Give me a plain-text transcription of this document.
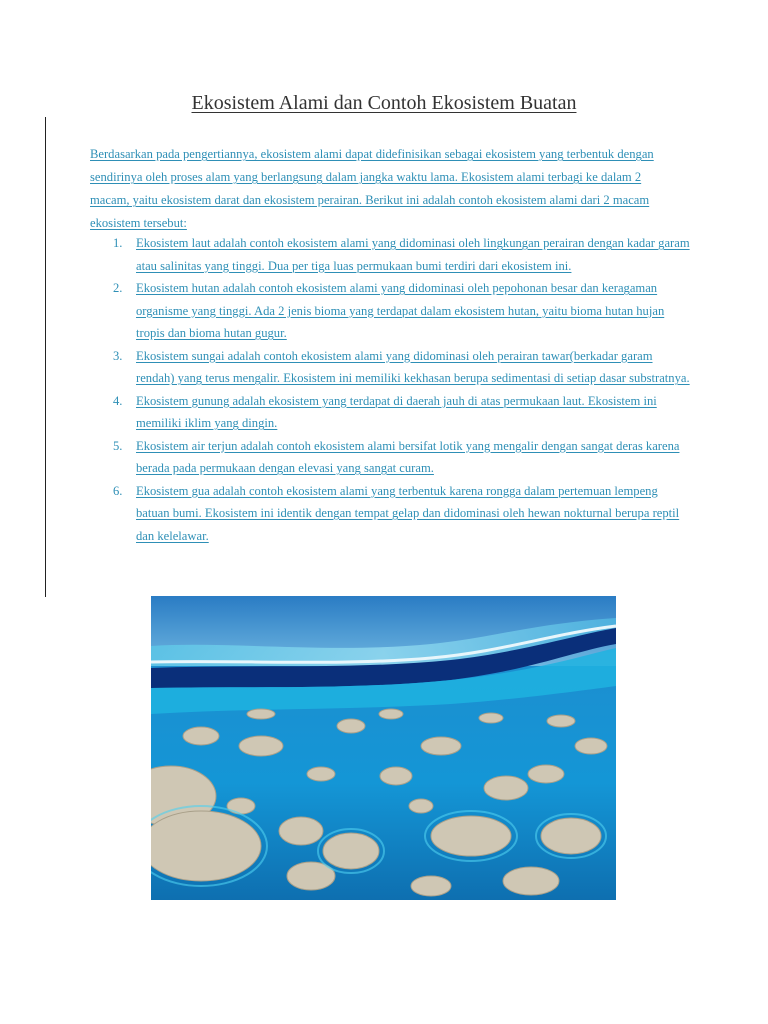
Ekosistem Alami dan Contoh Ekosistem Buatan

Berdasarkan pada pengertiannya, ekosistem alami dapat didefinisikan sebagai ekosistem yang terbentuk dengan sendirinya oleh proses alam yang berlangsung dalam jangka waktu lama. Ekosistem alami terbagi ke dalam 2 macam, yaitu ekosistem darat dan ekosistem perairan. Berikut ini adalah contoh ekosistem alami dari 2 macam ekosistem tersebut:

1. Ekosistem laut adalah contoh ekosistem alami yang didominasi oleh lingkungan perairan dengan kadar garam atau salinitas yang tinggi. Dua per tiga luas permukaan bumi terdiri dari ekosistem ini.
2. Ekosistem hutan adalah contoh ekosistem alami yang didominasi oleh pepohonan besar dan keragaman organisme yang tinggi. Ada 2 jenis bioma yang terdapat dalam ekosistem hutan, yaitu bioma hutan hujan tropis dan bioma hutan gugur.
3. Ekosistem sungai adalah contoh ekosistem alami yang didominasi oleh perairan tawar(berkadar garam rendah) yang terus mengalir. Ekosistem ini memiliki kekhasan berupa sedimentasi di setiap dasar substratnya.
4. Ekosistem gunung adalah ekosistem yang terdapat di daerah jauh di atas permukaan laut. Ekosistem ini memiliki iklim yang dingin.
5. Ekosistem air terjun adalah contoh ekosistem alami bersifat lotik yang mengalir dengan sangat deras karena berada pada permukaan dengan elevasi yang sangat curam.
6. Ekosistem gua adalah contoh ekosistem alami yang terbentuk karena rongga dalam pertemuan lempeng batuan bumi. Ekosistem ini identik dengan tempat gelap dan didominasi oleh hewan nokturnal berupa reptil dan kelelawar.
